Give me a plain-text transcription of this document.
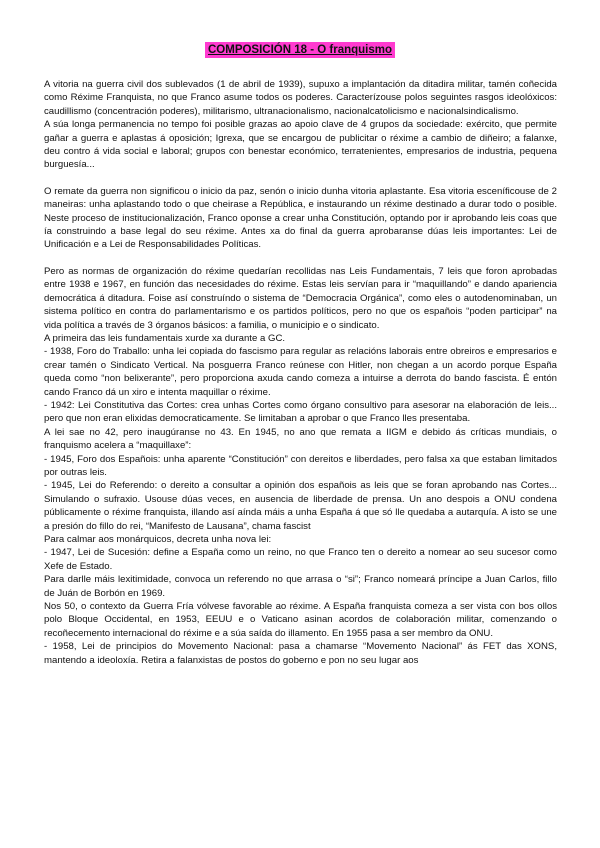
COMPOSICIÓN 18 - O franquismo

A vitoria na guerra civil dos sublevados (1 de abril de 1939), supuxo a implantación da ditadira militar, tamén coñecida como Réxime Franquista, no que Franco asume todos os poderes. Caracterízouse polos seguintes rasgos ideolóxicos: caudillismo (concentración poderes), militarismo, ultranacionalismo, nacionalcatolicismo e nacionalsindicalismo.

A súa longa permanencia no tempo foi posible grazas ao apoio clave de 4 grupos da sociedade: exército, que permite gañar a guerra e aplastas á oposición; Igrexa, que se encargou de publicitar o réxime a cambio de diñeiro; a falanxe, deu contro á vida social e laboral; grupos con benestar económico, terratenientes, empresarios de industria, pequena burguesía...

O remate da guerra non significou o inicio da paz, senón o inicio dunha vitoria aplastante. Esa vitoria esceníficouse de 2 maneiras: unha aplastando todo o que cheirase a República, e instaurando un réxime destinado a durar todo o posible. Neste proceso de institucionalización, Franco oponse a crear unha Constitución, optando por ir aprobando leis coas que ía construindo a base legal do seu réxime. Antes xa do final da guerra aprobaranse dúas leis importantes: Lei de Unificación e a Lei de Responsabilidades Políticas.

Pero as normas de organización do réxime quedarían recollidas nas Leis Fundamentais, 7 leis que foron aprobadas entre 1938 e 1967, en función das necesidades do réxime. Estas leis servían para ir “maquillando” e dando apariencia democrática á ditadura. Foise así construíndo o sistema de “Democracia Orgánica”, como eles o autodenominaban, un sistema político en contra do parlamentarismo e os partidos políticos, pero no que os españois “poden participar” na vida política a través de 3 órganos básicos: a familia, o municipio e o sindicato.

A primeira das leis fundamentais xurde xa durante a GC.

- 1938, Foro do Traballo: unha lei copiada do fascismo para regular as relacións laborais entre obreiros e empresarios e crear tamén o Sindicato Vertical. Na posguerra Franco reúnese con Hitler, non chegan a un acordo porque España queda como “non belixerante”, pero proporciona axuda cando comeza a intuirse a derrota do bando fascista. É entón cando Franco dá un xiro e intenta maquillar o réxime.

- 1942: Lei Constitutiva das Cortes: crea unhas Cortes como órgano consultivo para asesorar na elaboración de leis... pero que non eran elixidas democraticamente. Se limitaban a aprobar o que Franco lles presentaba.

A lei sae no 42, pero inaugúranse no 43. En 1945, no ano que remata a IIGM e debido ás críticas mundiais, o franquismo acelera a “maquillaxe”:

- 1945, Foro dos Españois: unha aparente “Constitución” con dereitos e liberdades, pero falsa xa que estaban limitados por outras leis.

- 1945, Lei do Referendo: o dereito a consultar a opinión dos españois as leis que se foran aprobando nas Cortes... Simulando o sufraxio. Usouse dúas veces, en ausencia de liberdade de prensa. Un ano despois a ONU condena públicamente o réxime franquista, illando así aínda máis a unha España á que só lle quedaba a autarquía. A isto se une a presión do fillo do rei, “Manifesto de Lausana”, chama fascist

Para calmar aos monárquicos, decreta unha nova lei:

- 1947, Lei de Sucesión: define a España como un reino, no que Franco ten o dereito a nomear ao seu sucesor como Xefe de Estado.

Para darlle máis lexitimidade, convoca un referendo no que arrasa o “si”; Franco nomeará príncipe a Juan Carlos, fillo de Juán de Borbón en 1969.

Nos 50, o contexto da Guerra Fría vólvese favorable ao réxime. A España franquista comeza a ser vista con bos ollos polo Bloque Occidental, en 1953, EEUU e o Vaticano asinan acordos de colaboración militar, comenzando o recoñecemento internacional do réxime e a súa saída do illamento. En 1955 pasa a ser membro da ONU.

- 1958, Lei de principios do Movemento Nacional: pasa a chamarse “Movemento Nacional” ás FET das XONS, mantendo a ideoloxía. Retira a falanxistas de postos do goberno e pon no seu lugar aos
